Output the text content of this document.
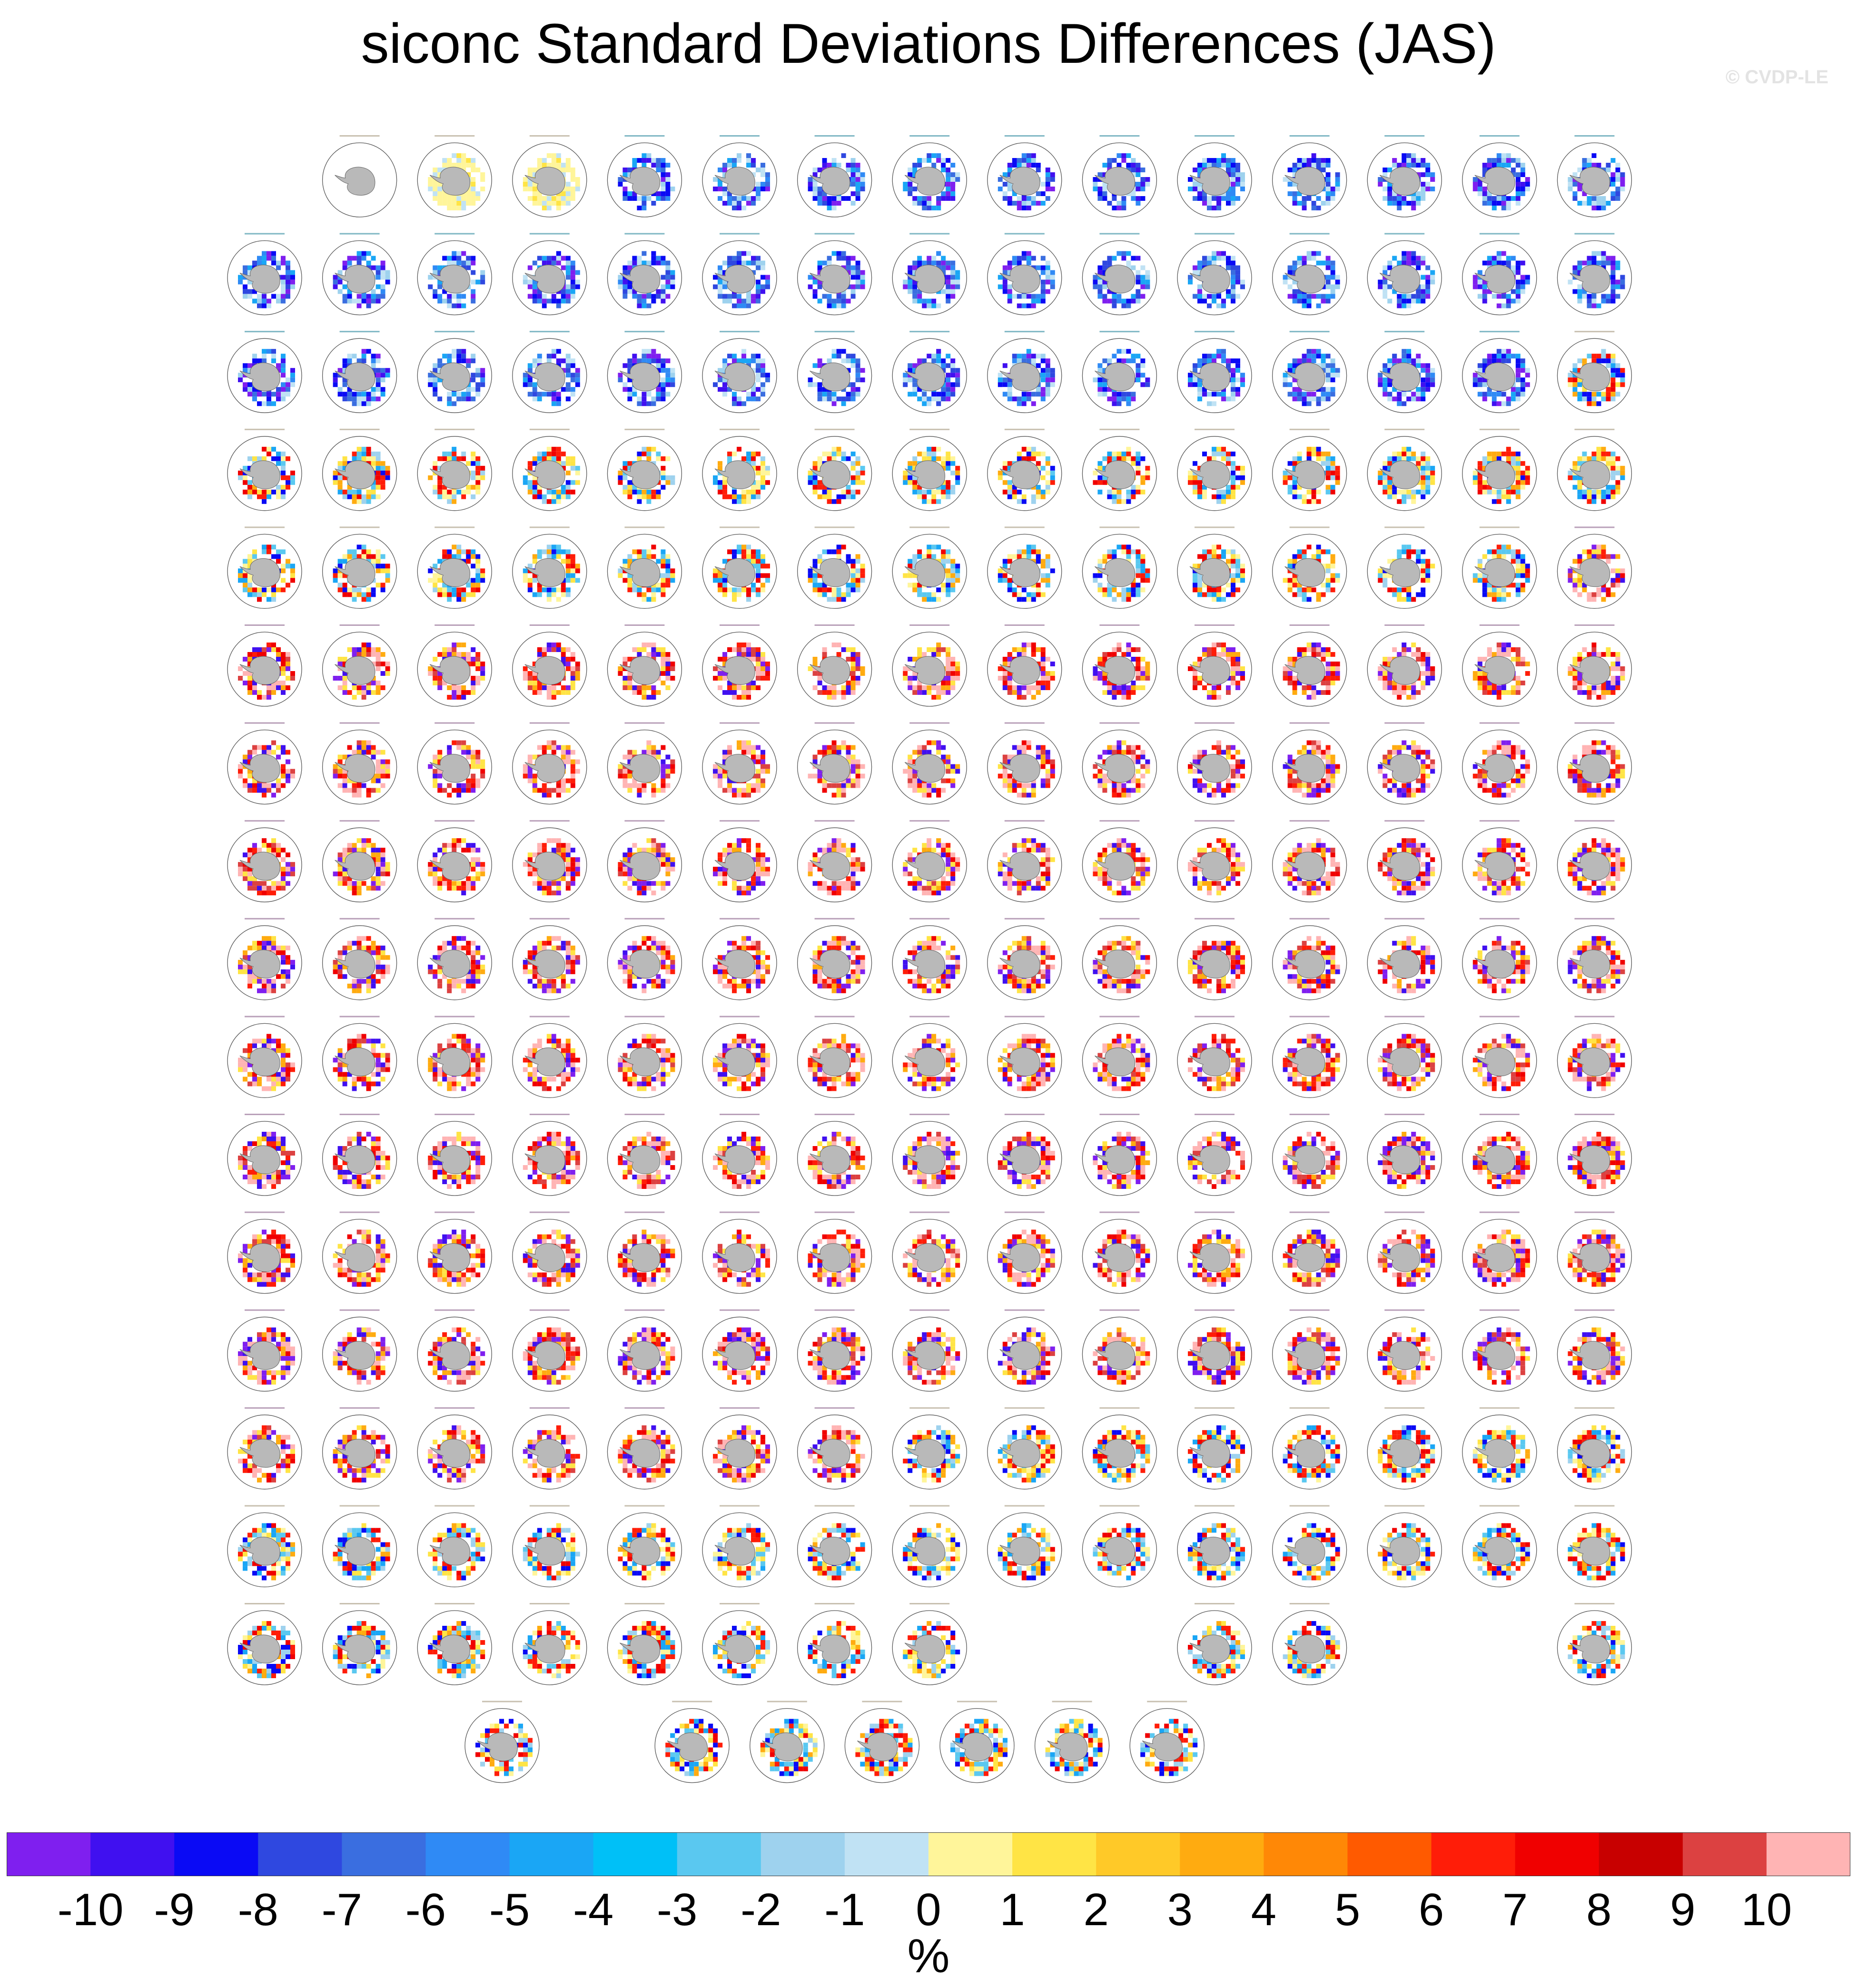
siconc Standard Deviations Differences (JAS)
© CVDP-LE
-10 -9 -8 -7 -6 -5 -4 -3 -2 -1 0 1 2 3 4 5 6 7 8 9 10
%
